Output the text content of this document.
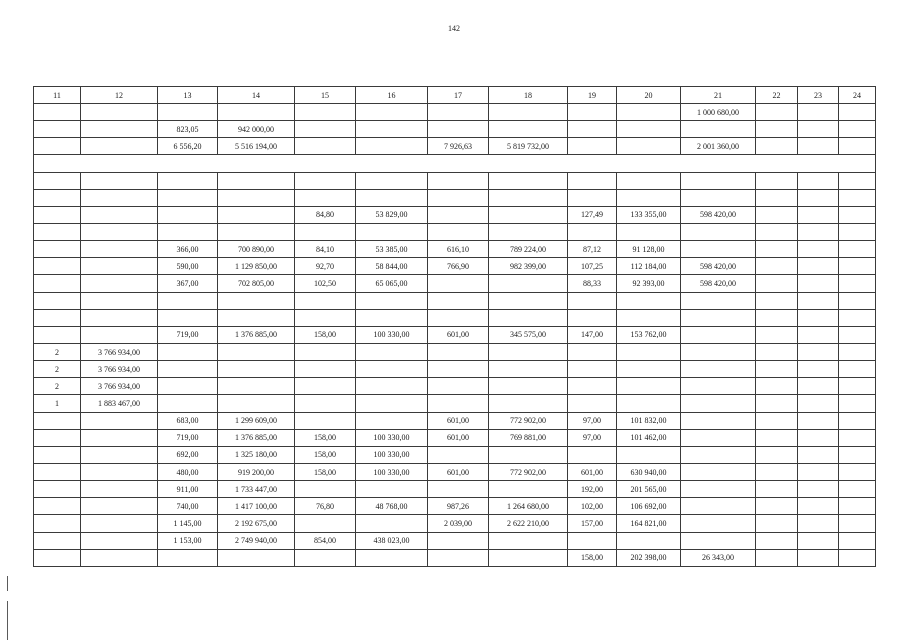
142
11	12	13	14	15	16	17	18	19	20	21	22	23	24
										1 000 680,00			
		823,05	942 000,00										
		6 556,20	5 516 194,00			7 926,63	5 819 732,00			2 001 360,00			

				84,80	53 829,00			127,49	133 355,00	598 420,00			

		366,00	700 890,00	84,10	53 385,00	616,10	789 224,00	87,12	91 128,00				
		590,00	1 129 850,00	92,70	58 844,00	766,90	982 399,00	107,25	112 184,00	598 420,00			
		367,00	702 805,00	102,50	65 065,00			88,33	92 393,00	598 420,00			

		719,00	1 376 885,00	158,00	100 330,00	601,00	345 575,00	147,00	153 762,00				
2	3 766 934,00												
2	3 766 934,00												
2	3 766 934,00												
1	1 883 467,00												
		683,00	1 299 609,00			601,00	772 902,00	97,00	101 832,00				
		719,00	1 376 885,00	158,00	100 330,00	601,00	769 881,00	97,00	101 462,00				
		692,00	1 325 180,00	158,00	100 330,00								
		480,00	919 200,00	158,00	100 330,00	601,00	772 902,00	601,00	630 940,00				
		911,00	1 733 447,00					192,00	201 565,00				
		740,00	1 417 100,00	76,80	48 768,00	987,26	1 264 680,00	102,00	106 692,00				
		1 145,00	2 192 675,00			2 039,00	2 622 210,00	157,00	164 821,00				
		1 153,00	2 749 940,00	854,00	438 023,00								
								158,00	202 398,00	26 343,00			
